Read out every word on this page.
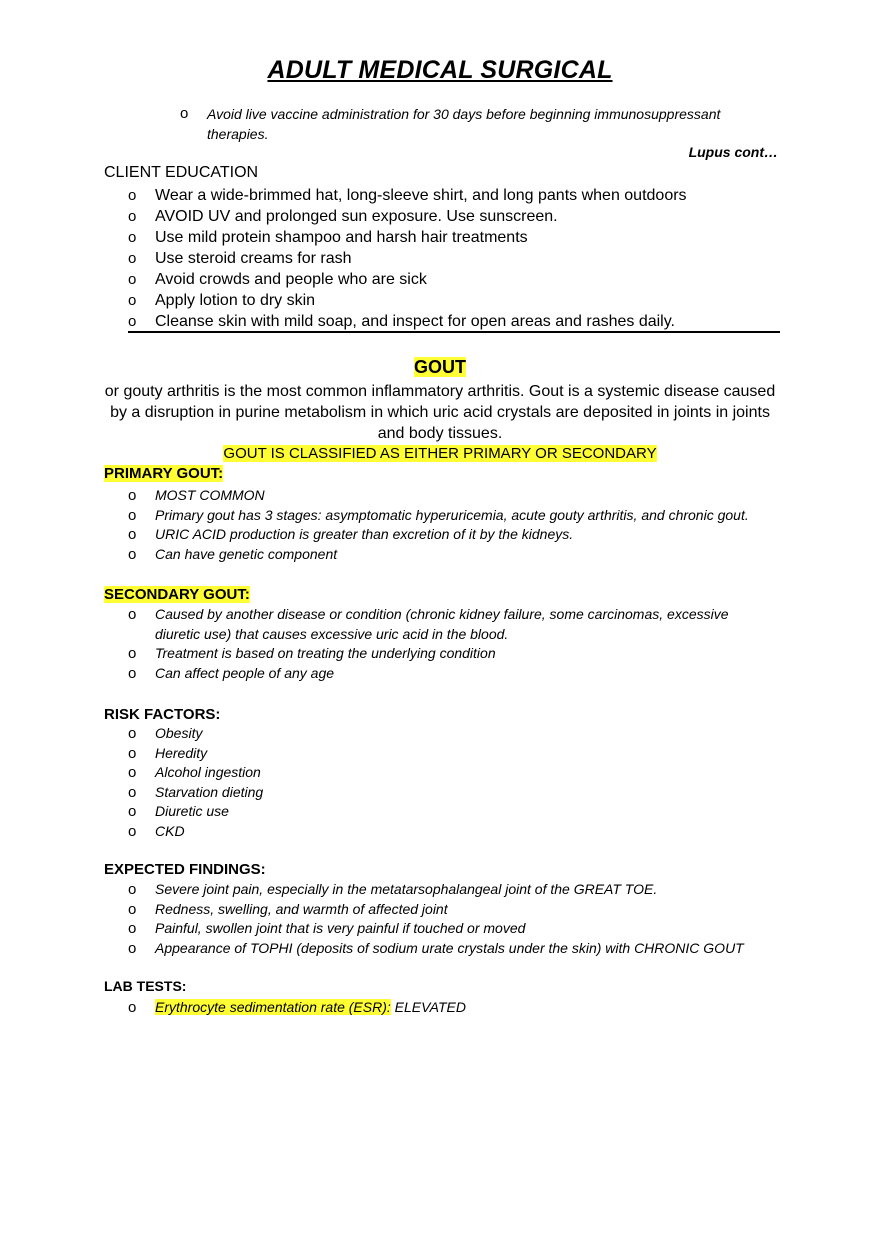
ADULT MEDICAL SURGICAL
o Avoid live vaccine administration for 30 days before beginning immunosuppressant therapies.
Lupus cont…
CLIENT EDUCATION
o Wear a wide-brimmed hat, long-sleeve shirt, and long pants when outdoors
o AVOID UV and prolonged sun exposure. Use sunscreen.
o Use mild protein shampoo and harsh hair treatments
o Use steroid creams for rash
o Avoid crowds and people who are sick
o Apply lotion to dry skin
o Cleanse skin with mild soap, and inspect for open areas and rashes daily.
GOUT
or gouty arthritis is the most common inflammatory arthritis. Gout is a systemic disease caused
by a disruption in purine metabolism in which uric acid crystals are deposited in joints in joints
and body tissues.
GOUT IS CLASSIFIED AS EITHER PRIMARY OR SECONDARY
PRIMARY GOUT:
o MOST COMMON
o Primary gout has 3 stages: asymptomatic hyperuricemia, acute gouty arthritis, and chronic gout.
o URIC ACID production is greater than excretion of it by the kidneys.
o Can have genetic component
SECONDARY GOUT:
o Caused by another disease or condition (chronic kidney failure, some carcinomas, excessive
diuretic use) that causes excessive uric acid in the blood.
o Treatment is based on treating the underlying condition
o Can affect people of any age
RISK FACTORS:
o Obesity
o Heredity
o Alcohol ingestion
o Starvation dieting
o Diuretic use
o CKD
EXPECTED FINDINGS:
o Severe joint pain, especially in the metatarsophalangeal joint of the GREAT TOE.
o Redness, swelling, and warmth of affected joint
o Painful, swollen joint that is very painful if touched or moved
o Appearance of TOPHI (deposits of sodium urate crystals under the skin) with CHRONIC GOUT
LAB TESTS:
o Erythrocyte sedimentation rate (ESR): ELEVATED
